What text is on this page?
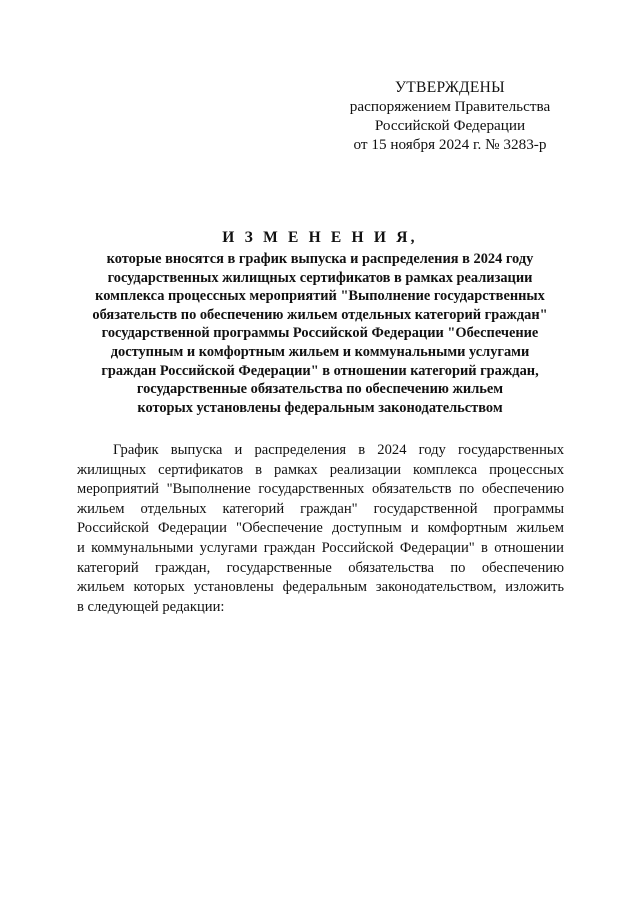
УТВЕРЖДЕНЫ
распоряжением Правительства
Российской Федерации
от 15 ноября 2024 г. № 3283-р
И З М Е Н Е Н И Я,
которые вносятся в график выпуска и распределения в 2024 году
государственных жилищных сертификатов в рамках реализации
комплекса процессных мероприятий "Выполнение государственных
обязательств по обеспечению жильем отдельных категорий граждан"
государственной программы Российской Федерации "Обеспечение
доступным и комфортным жильем и коммунальными услугами
граждан Российской Федерации" в отношении категорий граждан,
государственные обязательства по обеспечению жильем
которых установлены федеральным законодательством
График выпуска и распределения в 2024 году государственных
жилищных сертификатов в рамках реализации комплекса процессных
мероприятий "Выполнение государственных обязательств по обеспечению
жильем отдельных категорий граждан" государственной программы
Российской Федерации "Обеспечение доступным и комфортным жильем
и коммунальными услугами граждан Российской Федерации" в отношении
категорий граждан, государственные обязательства по обеспечению
жильем которых установлены федеральным законодательством, изложить
в следующей редакции:
